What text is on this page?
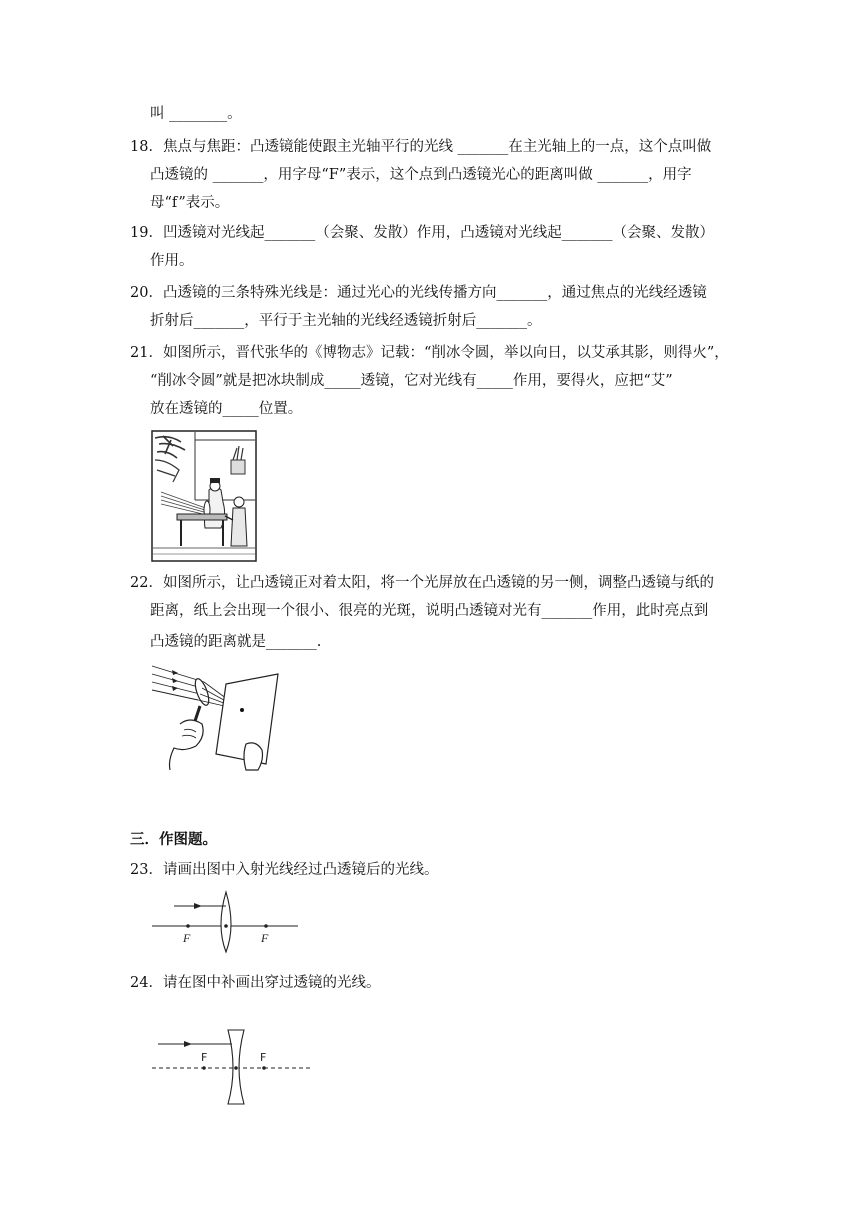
叫 ________。
18．焦点与焦距：凸透镜能使跟主光轴平行的光线 _______在主光轴上的一点，这个点叫做
凸透镜的 _______，用字母“F”表示，这个点到凸透镜光心的距离叫做 _______，用字
母“f”表示。
19．凹透镜对光线起_______（会聚、发散）作用，凸透镜对光线起_______（会聚、发散）
作用。
20．凸透镜的三条特殊光线是：通过光心的光线传播方向_______，通过焦点的光线经透镜
折射后_______，平行于主光轴的光线经透镜折射后_______。
21．如图所示，晋代张华的《博物志》记载：“削冰令圆，举以向日，以艾承其影，则得火”，
“削冰令圆”就是把冰块制成_____透镜，它对光线有_____作用，要得火，应把“艾”
放在透镜的_____位置。
22．如图所示，让凸透镜正对着太阳，将一个光屏放在凸透镜的另一侧，调整凸透镜与纸的
距离，纸上会出现一个很小、很亮的光斑，说明凸透镜对光有_______作用，此时亮点到
凸透镜的距离就是_______.
三．作图题。
23．请画出图中入射光线经过凸透镜后的光线。
F	F
24．请在图中补画出穿过透镜的光线。
F	F
